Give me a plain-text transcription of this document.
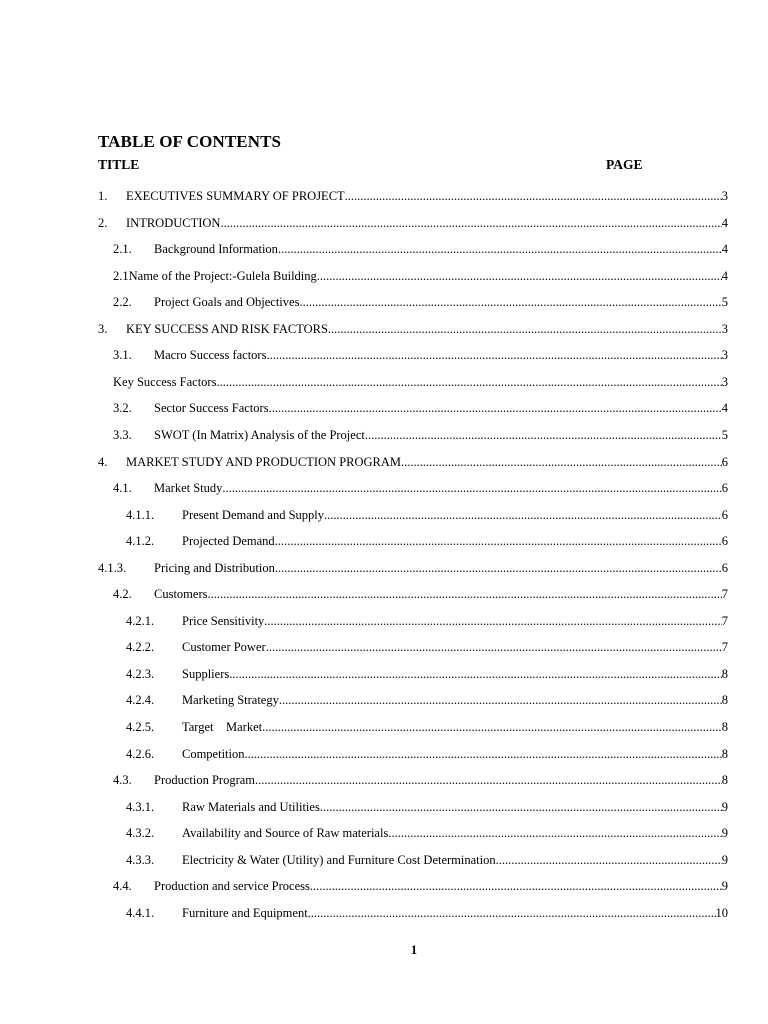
TABLE OF CONTENTS
TITLE	PAGE
1.	EXECUTIVES SUMMARY OF PROJECT .....	3
2.	INTRODUCTION .....	4
2.1.	Background Information .....	4
2.1Name of the Project:-Gulela Building .....	4
2.2.	Project Goals and Objectives .....	5
3.	KEY SUCCESS AND RISK FACTORS .....	3
3.1.	Macro Success factors .....	3
Key Success Factors .....	3
3.2.	Sector Success Factors .....	4
3.3.	SWOT (In Matrix) Analysis of the Project .....	5
4.	MARKET STUDY AND PRODUCTION PROGRAM .....	6
4.1.	Market Study .....	6
4.1.1.	Present Demand and Supply .....	6
4.1.2.	Projected Demand .....	6
4.1.3.	Pricing and Distribution .....	6
4.2.	Customers .....	7
4.2.1.	Price Sensitivity .....	7
4.2.2.	Customer Power .....	7
4.2.3.	Suppliers .....	8
4.2.4.	Marketing Strategy .....	8
4.2.5.	Target    Market .....	8
4.2.6.	Competition .....	8
4.3.	Production Program .....	8
4.3.1.	Raw Materials and Utilities .....	9
4.3.2.	Availability and Source of Raw materials .....	9
4.3.3.	Electricity & Water (Utility) and Furniture Cost Determination .....	9
4.4.	Production and service Process .....	9
4.4.1.	Furniture and Equipment .....	10
1
